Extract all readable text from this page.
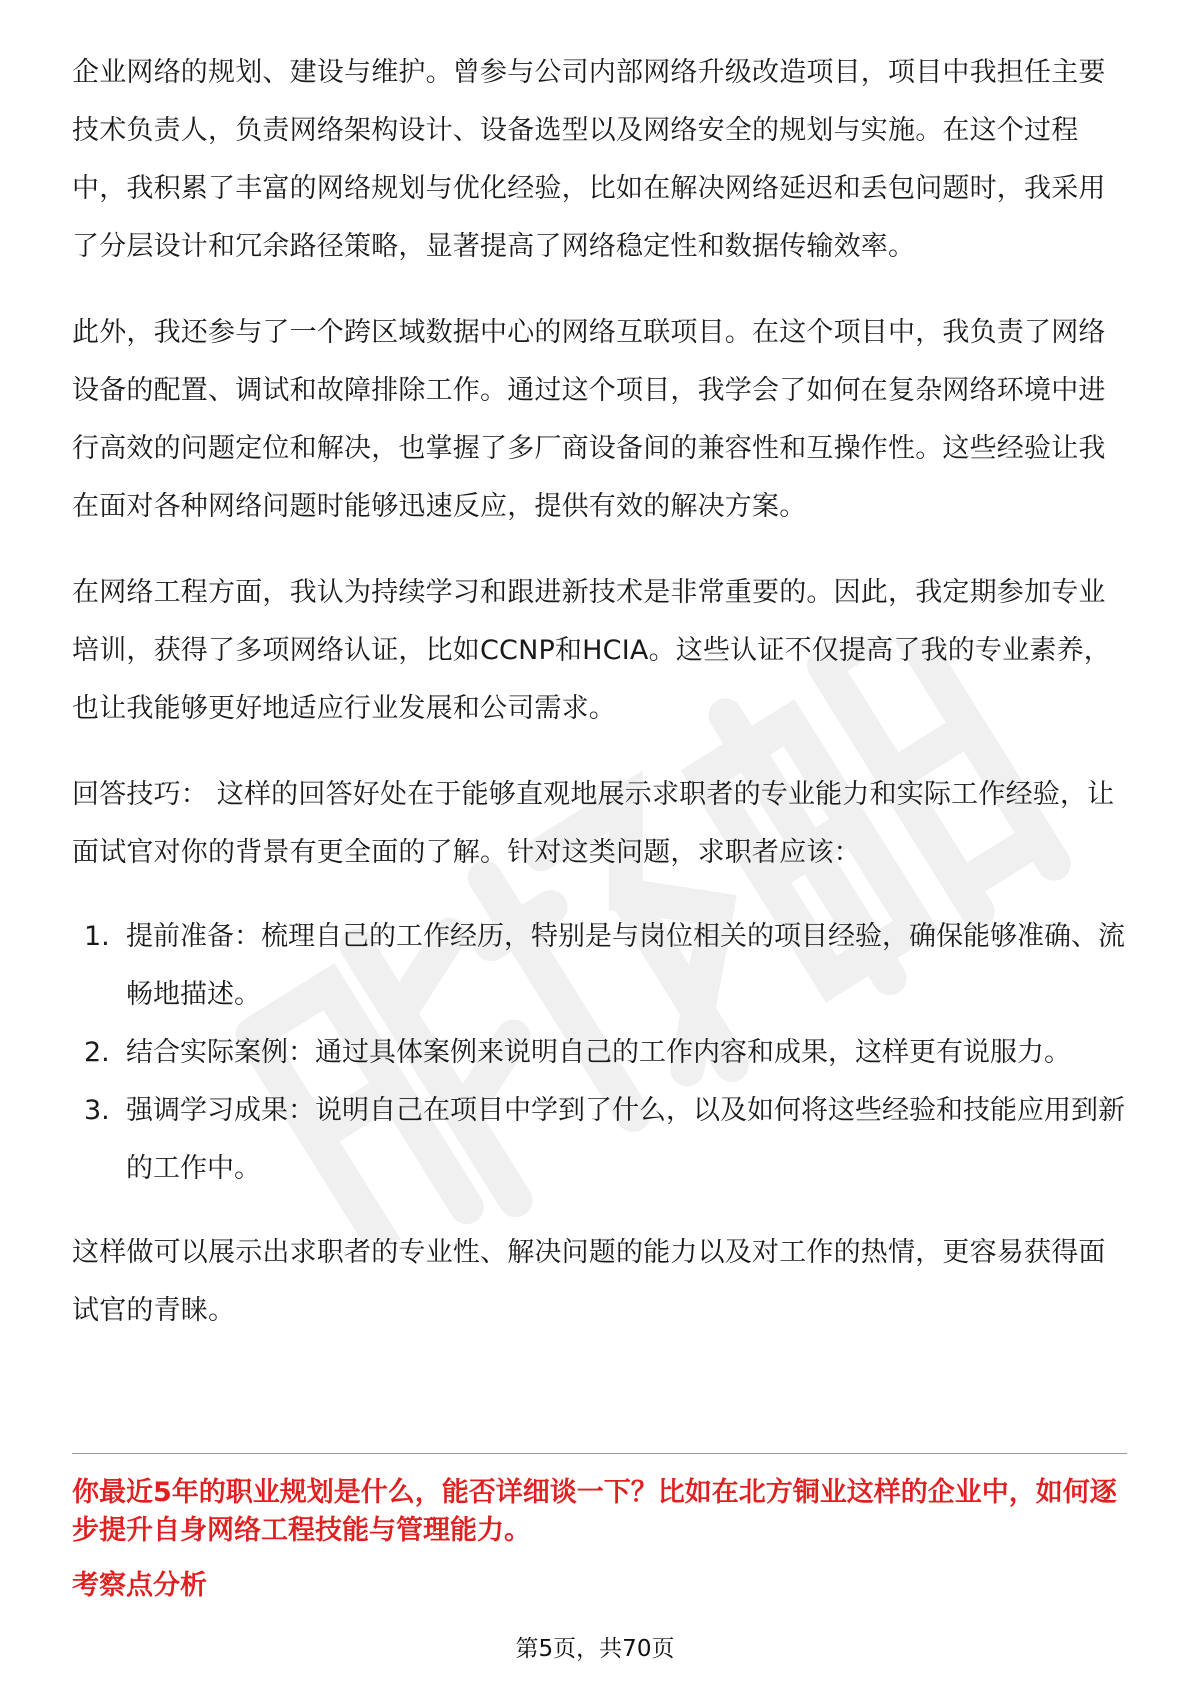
企业网络的规划、建设与维护。曾参与公司内部网络升级改造项目，项目中我担任主要技术负责人，负责网络架构设计、设备选型以及网络安全的规划与实施。在这个过程中，我积累了丰富的网络规划与优化经验，比如在解决网络延迟和丢包问题时，我采用了分层设计和冗余路径策略，显著提高了网络稳定性和数据传输效率。

此外，我还参与了一个跨区域数据中心的网络互联项目。在这个项目中，我负责了网络设备的配置、调试和故障排除工作。通过这个项目，我学会了如何在复杂网络环境中进行高效的问题定位和解决，也掌握了多厂商设备间的兼容性和互操作性。这些经验让我在面对各种网络问题时能够迅速反应，提供有效的解决方案。

在网络工程方面，我认为持续学习和跟进新技术是非常重要的。因此，我定期参加专业培训，获得了多项网络认证，比如CCNP和HCIA。这些认证不仅提高了我的专业素养，也让我能够更好地适应行业发展和公司需求。

回答技巧： 这样的回答好处在于能够直观地展示求职者的专业能力和实际工作经验，让面试官对你的背景有更全面的了解。针对这类问题，求职者应该：

1. 提前准备：梳理自己的工作经历，特别是与岗位相关的项目经验，确保能够准确、流畅地描述。
2. 结合实际案例：通过具体案例来说明自己的工作内容和成果，这样更有说服力。
3. 强调学习成果：说明自己在项目中学到了什么，以及如何将这些经验和技能应用到新的工作中。

这样做可以展示出求职者的专业性、解决问题的能力以及对工作的热情，更容易获得面试官的青睐。

你最近5年的职业规划是什么，能否详细谈一下？比如在北方铜业这样的企业中，如何逐步提升自身网络工程技能与管理能力。
考察点分析
第5页，共70页
